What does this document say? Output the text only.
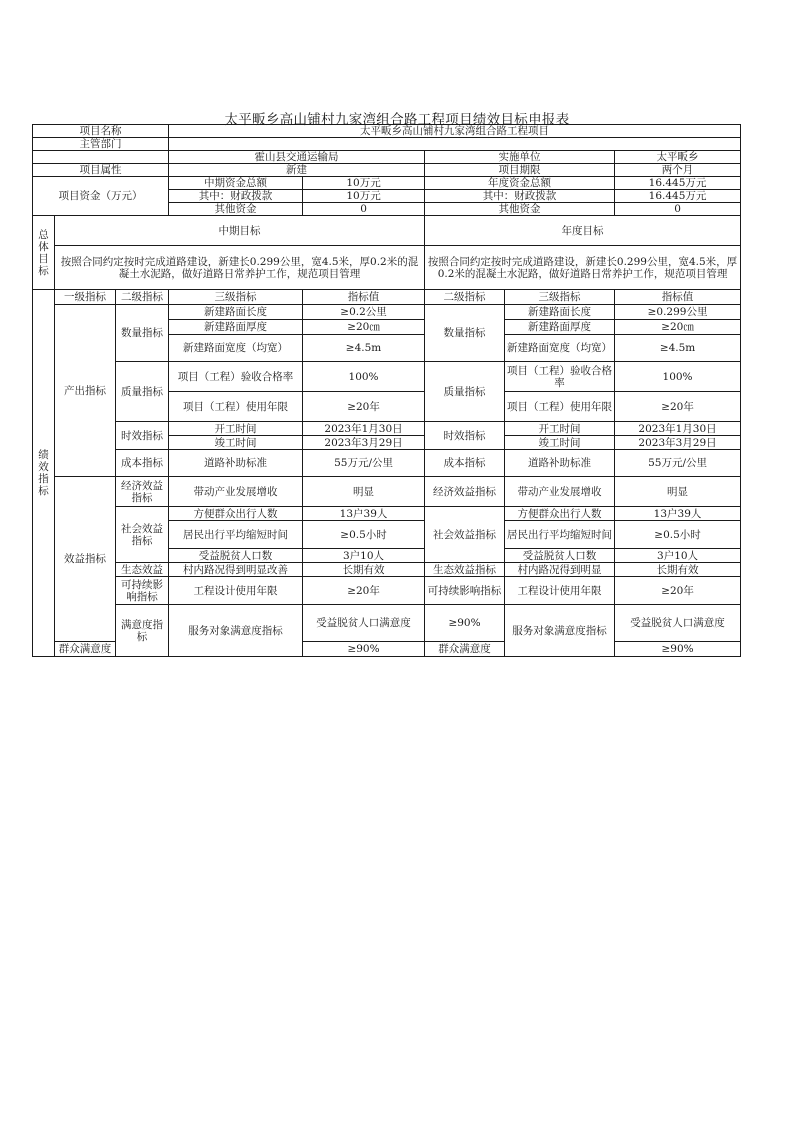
太平畈乡高山铺村九家湾组合路工程项目绩效目标申报表
项目名称			太平畈乡高山铺村九家湾组合路工程项目					
主管部门								
			霍山县交通运输局		实施单位		太平畈乡	
项目属性			新建		项目期限		两个月	
项目资金（万元）			中期资金总额	10万元	年度资金总额		16.445万元	
			其中：财政拨款	10万元	其中：财政拨款		16.445万元	
			其他资金	0	其他资金		0	
总体目标	中期目标				年度目标			
	按照合同约定按时完成道路建设，新建长0.299公里，宽4.5米，厚0.2米的混凝土水泥路，做好道路日常养护工作，规范项目管理				按照合同约定按时完成道路建设，新建长0.299公里，宽4.5米，厚0.2米的混凝土水泥路，做好道路日常养护工作，规范项目管理			
绩效指标	一级指标	二级指标	三级指标	指标值	二级指标	三级指标	指标值	
	产出指标	数量指标	新建路面长度	≥0.2公里	数量指标	新建路面长度	≥0.299公里	
			新建路面厚度	≥20㎝		新建路面厚度	≥20㎝	
			新建路面宽度（均宽）	≥4.5m		新建路面宽度（均宽）	≥4.5m	
		质量指标	项目（工程）验收合格率	100%	质量指标	项目（工程）验收合格率	100%	
			项目（工程）使用年限	≥20年		项目（工程）使用年限	≥20年	
		时效指标	开工时间	2023年1月30日	时效指标	开工时间	2023年1月30日	
			竣工时间	2023年3月29日		竣工时间	2023年3月29日	
		成本指标	道路补助标准	55万元/公里	成本指标	道路补助标准	55万元/公里	
	效益指标	经济效益指标	带动产业发展增收	明显	经济效益指标	带动产业发展增收	明显	
		社会效益指标	方便群众出行人数	13户39人	社会效益指标	方便群众出行人数	13户39人	
			居民出行平均缩短时间	≥0.5小时		居民出行平均缩短时间	≥0.5小时	
			受益脱贫人口数	3户10人		受益脱贫人口数	3户10人	
		生态效益	村内路况得到明显改善	长期有效	生态效益指标	村内路况得到明显	长期有效	
		可持续影响指标	工程设计使用年限	≥20年	可持续影响指标	工程设计使用年限	≥20年	
		满意度指标	服务对象满意度指标	受益脱贫人口满意度	≥90%	服务对象满意度指标	受益脱贫人口满意度	
	群众满意度			≥90%	群众满意度		≥90%	
